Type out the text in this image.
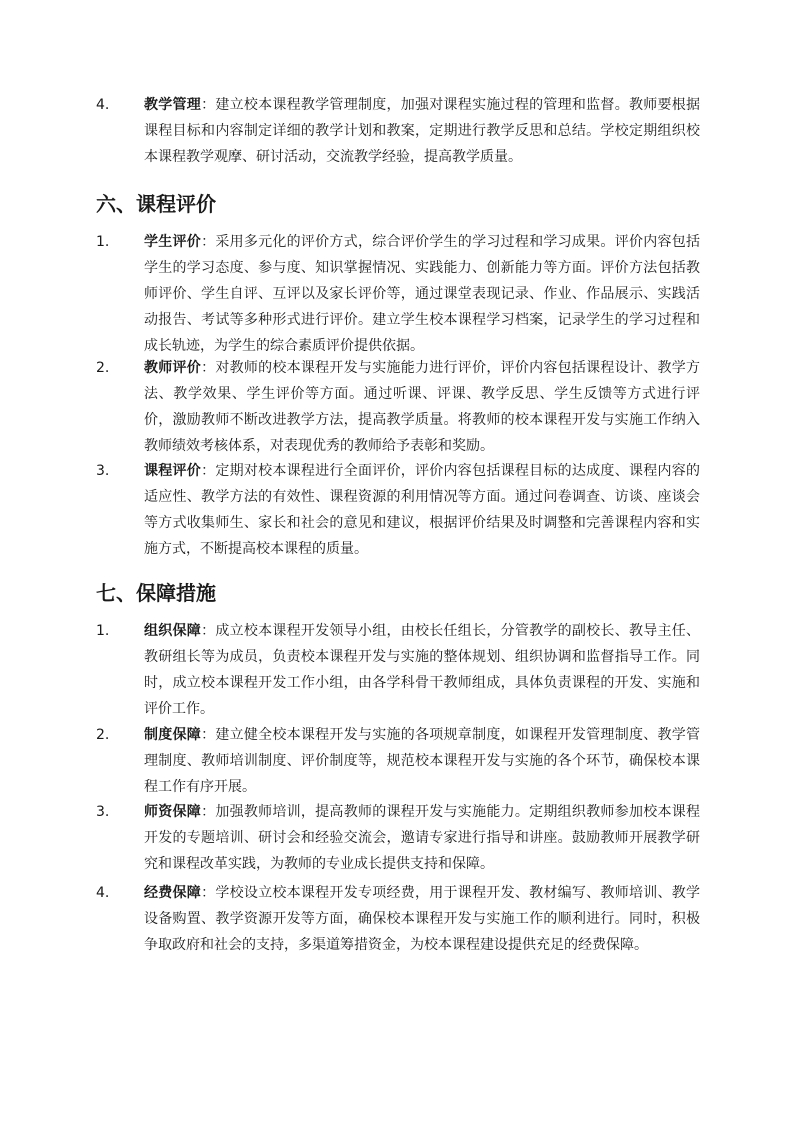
4.	教学管理：建立校本课程教学管理制度，加强对课程实施过程的管理和监督。教师要根据课程目标和内容制定详细的教学计划和教案，定期进行教学反思和总结。学校定期组织校本课程教学观摩、研讨活动，交流教学经验，提高教学质量。
六、课程评价
1.	学生评价：采用多元化的评价方式，综合评价学生的学习过程和学习成果。评价内容包括学生的学习态度、参与度、知识掌握情况、实践能力、创新能力等方面。评价方法包括教师评价、学生自评、互评以及家长评价等，通过课堂表现记录、作业、作品展示、实践活动报告、考试等多种形式进行评价。建立学生校本课程学习档案，记录学生的学习过程和成长轨迹，为学生的综合素质评价提供依据。
2.	教师评价：对教师的校本课程开发与实施能力进行评价，评价内容包括课程设计、教学方法、教学效果、学生评价等方面。通过听课、评课、教学反思、学生反馈等方式进行评价，激励教师不断改进教学方法，提高教学质量。将教师的校本课程开发与实施工作纳入教师绩效考核体系，对表现优秀的教师给予表彰和奖励。
3.	课程评价：定期对校本课程进行全面评价，评价内容包括课程目标的达成度、课程内容的适应性、教学方法的有效性、课程资源的利用情况等方面。通过问卷调查、访谈、座谈会等方式收集师生、家长和社会的意见和建议，根据评价结果及时调整和完善课程内容和实施方式，不断提高校本课程的质量。
七、保障措施
1.	组织保障：成立校本课程开发领导小组，由校长任组长，分管教学的副校长、教导主任、教研组长等为成员，负责校本课程开发与实施的整体规划、组织协调和监督指导工作。同时，成立校本课程开发工作小组，由各学科骨干教师组成，具体负责课程的开发、实施和评价工作。
2.	制度保障：建立健全校本课程开发与实施的各项规章制度，如课程开发管理制度、教学管理制度、教师培训制度、评价制度等，规范校本课程开发与实施的各个环节，确保校本课程工作有序开展。
3.	师资保障：加强教师培训，提高教师的课程开发与实施能力。定期组织教师参加校本课程开发的专题培训、研讨会和经验交流会，邀请专家进行指导和讲座。鼓励教师开展教学研究和课程改革实践，为教师的专业成长提供支持和保障。
4.	经费保障：学校设立校本课程开发专项经费，用于课程开发、教材编写、教师培训、教学设备购置、教学资源开发等方面，确保校本课程开发与实施工作的顺利进行。同时，积极争取政府和社会的支持，多渠道筹措资金，为校本课程建设提供充足的经费保障。
